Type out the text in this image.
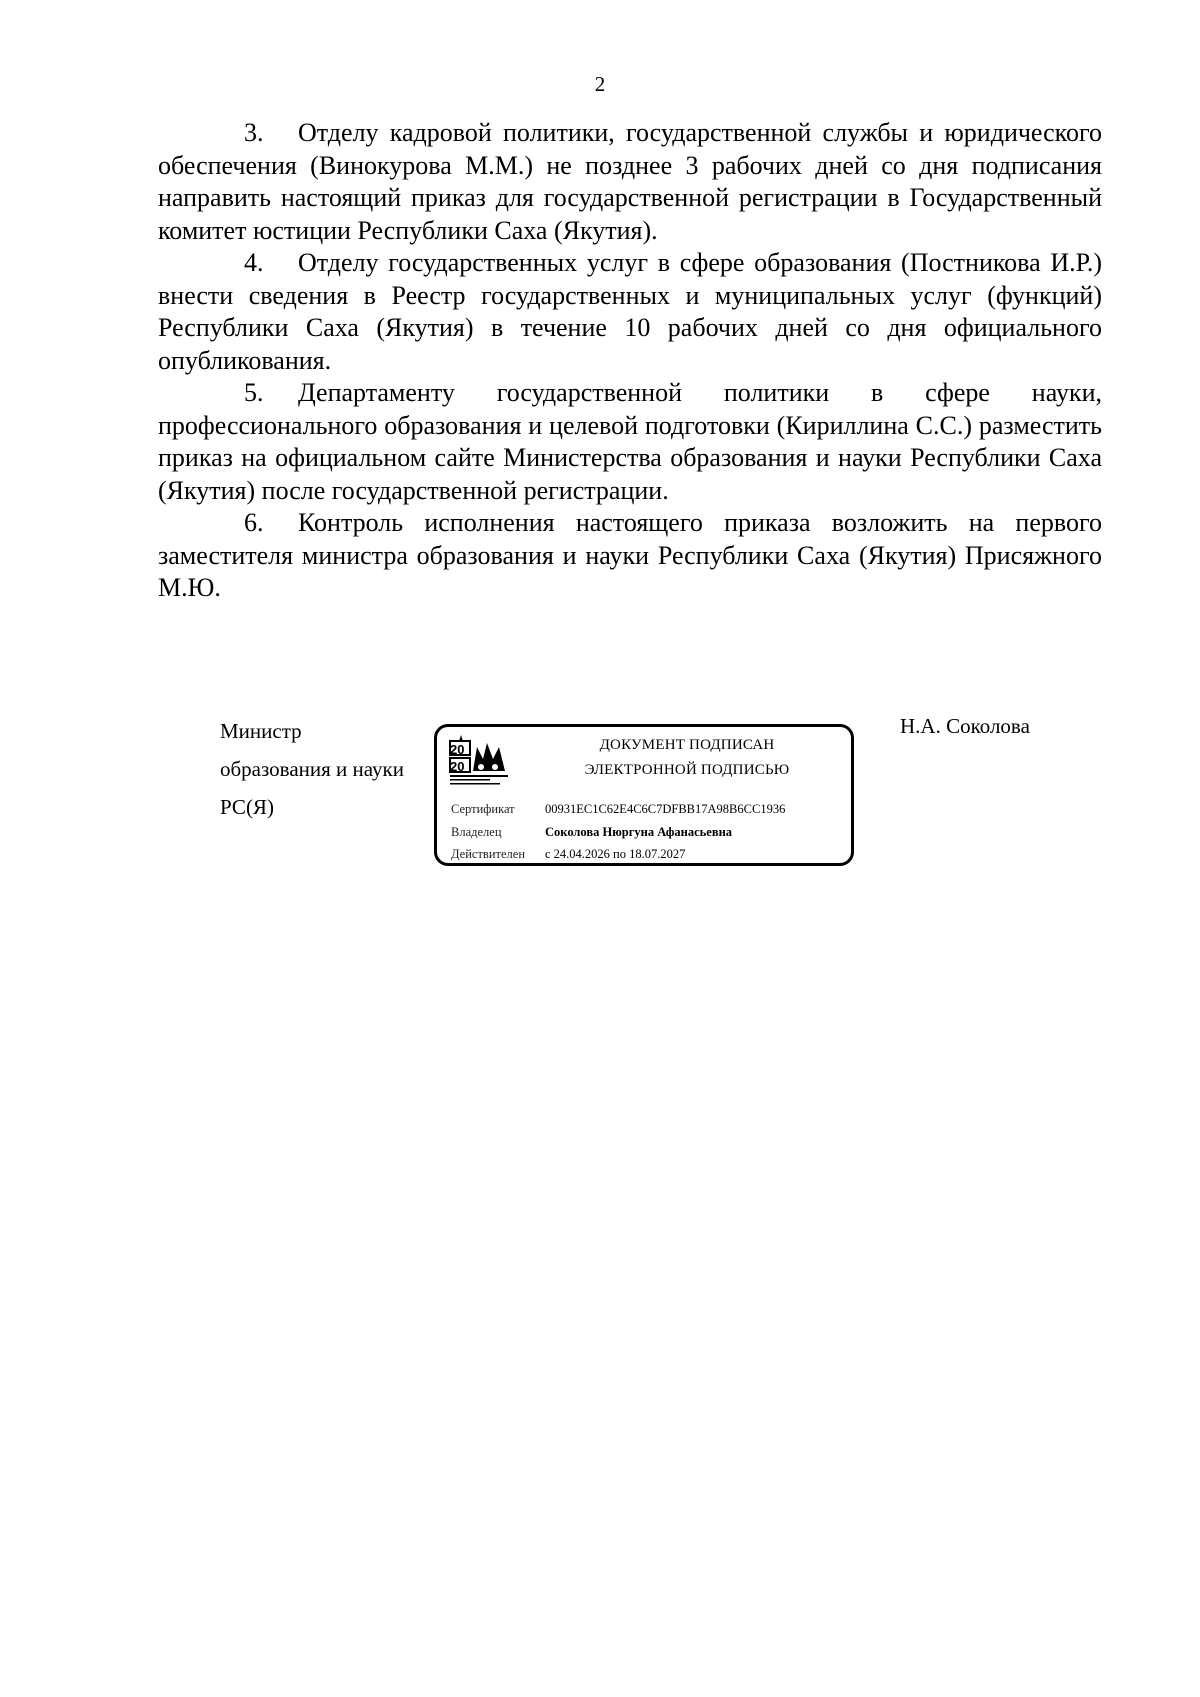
2

3. Отделу кадровой политики, государственной службы и юридического обеспечения (Винокурова М.М.) не позднее 3 рабочих дней со дня подписания направить настоящий приказ для государственной регистрации в Государственный комитет юстиции Республики Саха (Якутия).

4. Отделу государственных услуг в сфере образования (Постникова И.Р.) внести сведения в Реестр государственных и муниципальных услуг (функций) Республики Саха (Якутия) в течение 10 рабочих дней со дня официального опубликования.

5. Департаменту государственной политики в сфере науки, профессионального образования и целевой подготовки (Кириллина С.С.) разместить приказ на официальном сайте Министерства образования и науки Республики Саха (Якутия) после государственной регистрации.

6. Контроль исполнения настоящего приказа возложить на первого заместителя министра образования и науки Республики Саха (Якутия) Присяжного М.Ю.

Министр
образования и науки
РС(Я)
20
20
ДОКУМЕНТ ПОДПИСАН
ЭЛЕКТРОННОЙ ПОДПИСЬЮ
Сертификат 00931EC1C62E4C6C7DFBB17A98B6CC1936
Владелец	Соколова Нюргуна Афанасьевна
Действителен с 24.04.2026 по 18.07.2027
Н.А. Соколова
